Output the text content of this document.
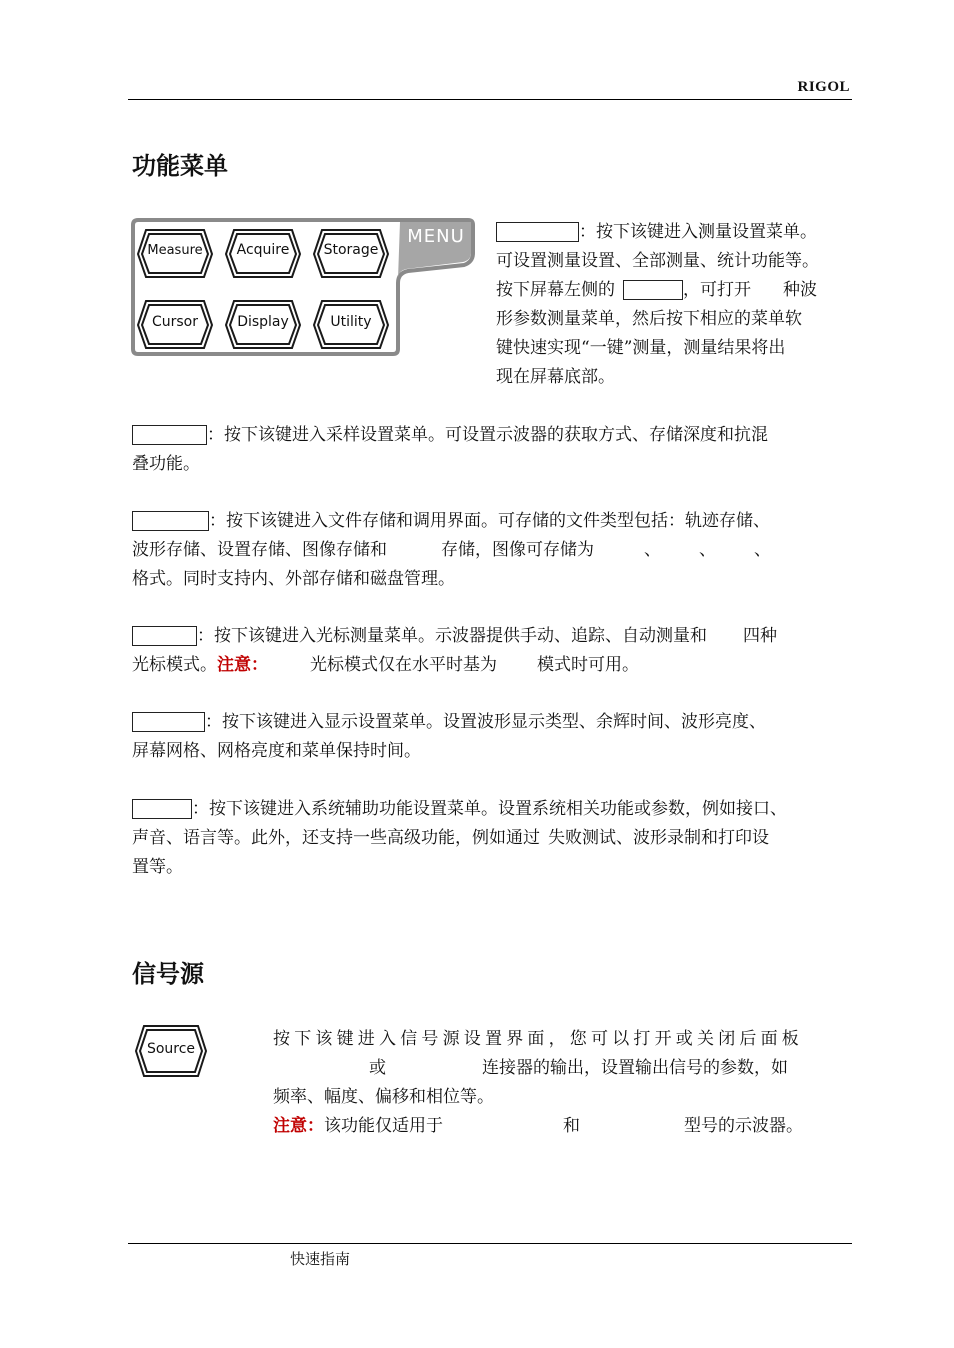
RIGOL
功能菜单
MENU
Measure	Acquire	Storage
Cursor	Display	Utility
：按下该键进入测量设置菜单。
可设置测量设置、全部测量、统计功能等。
按下屏幕左侧的	，可打开 种波
形参数测量菜单，然后按下相应的菜单软
键快速实现“一键”测量，测量结果将出
现在屏幕底部。
：按下该键进入采样设置菜单。可设置示波器的获取方式、存储深度和抗混
叠功能。
：按下该键进入文件存储和调用界面。可存储的文件类型包括：轨迹存储、
波形存储、设置存储、图像存储和	存储，图像可存储为	、 、 、
格式。同时支持内、外部存储和磁盘管理。
：按下该键进入光标测量菜单。示波器提供手动、追踪、自动测量和 四种
光标模式。注意： 光标模式仅在水平时基为 模式时可用。
：按下该键进入显示设置菜单。设置波形显示类型、余辉时间、波形亮度、
屏幕网格、网格亮度和菜单保持时间。
：按下该键进入系统辅助功能设置菜单。设置系统相关功能或参数，例如接口、
声音、语言等。此外，还支持一些高级功能，例如通过 失败测试、波形录制和打印设
置等。
信号源
Source	按下该键进入信号源设置界面，您可以打开或关闭后面板
或	连接器的输出，设置输出信号的参数，如
频率、幅度、偏移和相位等。
注意：该功能仅适用于	和	型号的示波器。
快速指南
